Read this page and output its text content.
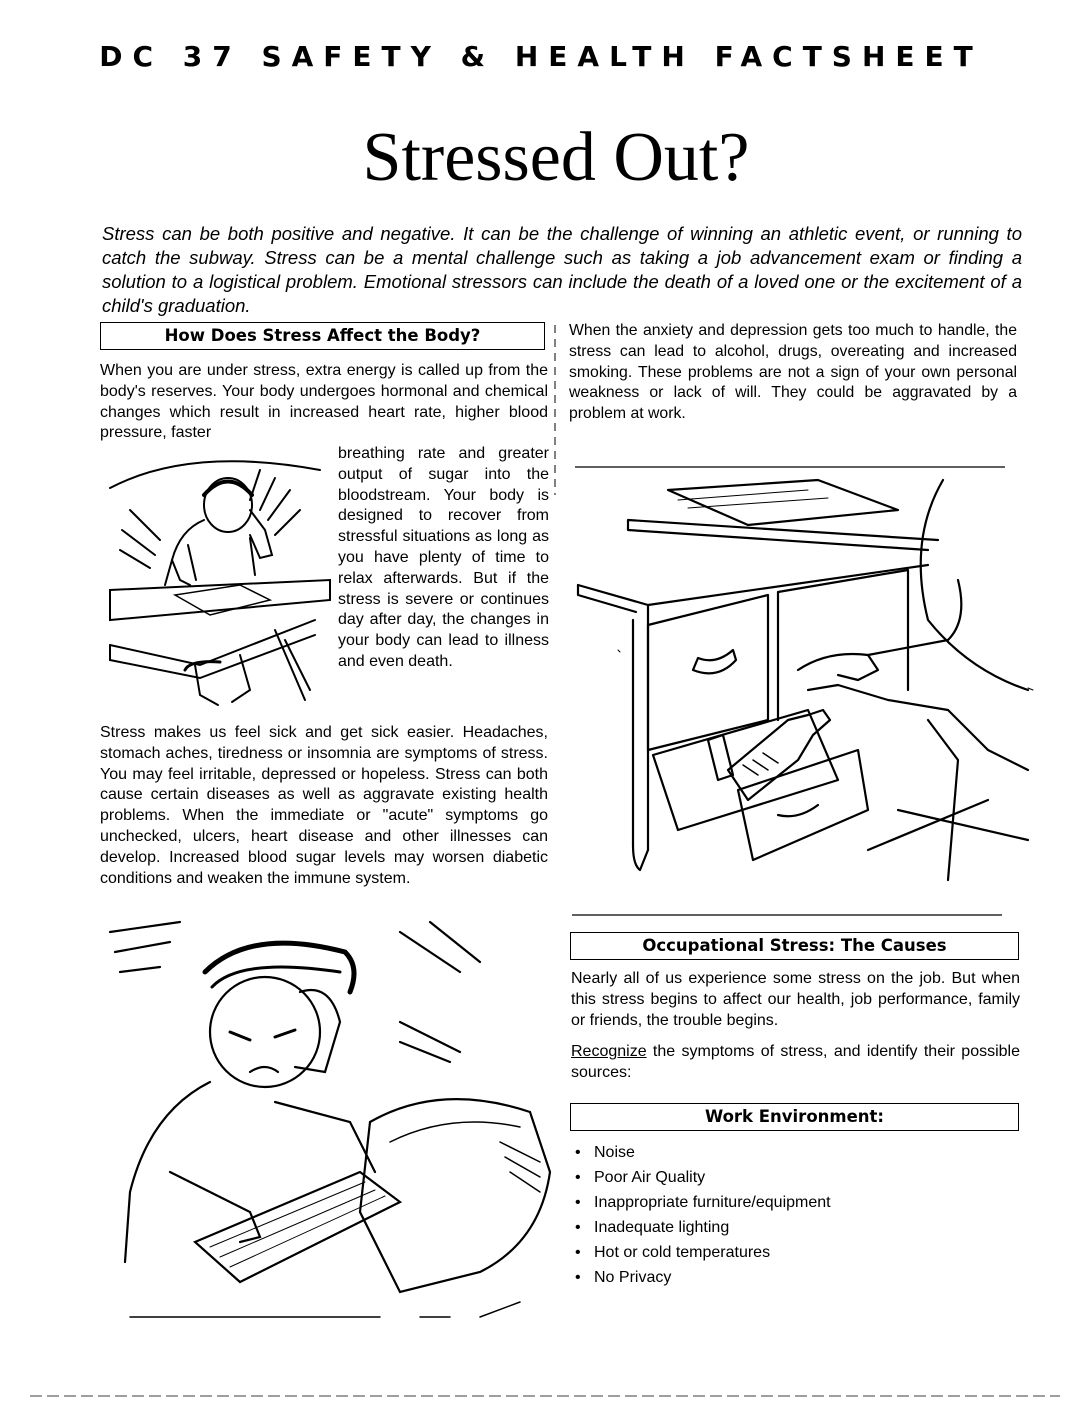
DC 37 SAFETY & HEALTH FACTSHEET
Stressed Out?
Stress can be both positive and negative. It can be the challenge of winning an athletic event, or running to catch the subway. Stress can be a mental challenge such as taking a job advancement exam or finding a solution to a logistical problem. Emotional stressors can include the death of a loved one or the excitement of a child's graduation.
How Does Stress Affect the Body?
When you are under stress, extra energy is called up from the body's reserves. Your body undergoes hormonal and chemical changes which result in increased heart rate, higher blood pressure, faster
breathing rate and greater output of sugar into the bloodstream. Your body is designed to recover from stressful situations as long as you have plenty of time to relax afterwards. But if the stress is severe or continues day after day, the changes in your body can lead to illness and even death.
Stress makes us feel sick and get sick easier. Headaches, stomach aches, tiredness or insomnia are symptoms of stress. You may feel irritable, depressed or hopeless. Stress can both cause certain diseases as well as aggravate existing health problems. When the immediate or "acute" symptoms go unchecked, ulcers, heart disease and other illnesses can develop. Increased blood sugar levels may worsen diabetic conditions and weaken the immune system.
When the anxiety and depression gets too much to handle, the stress can lead to alcohol, drugs, overeating and increased smoking. These problems are not a sign of your own personal weakness or lack of will. They could be aggravated by a problem at work.
Occupational Stress: The Causes
Nearly all of us experience some stress on the job. But when this stress begins to affect our health, job performance, family or friends, the trouble begins.
Recognize the symptoms of stress, and identify their possible sources:
Work Environment:
• Noise
• Poor Air Quality
• Inappropriate furniture/equipment
• Inadequate lighting
• Hot or cold temperatures
• No Privacy
